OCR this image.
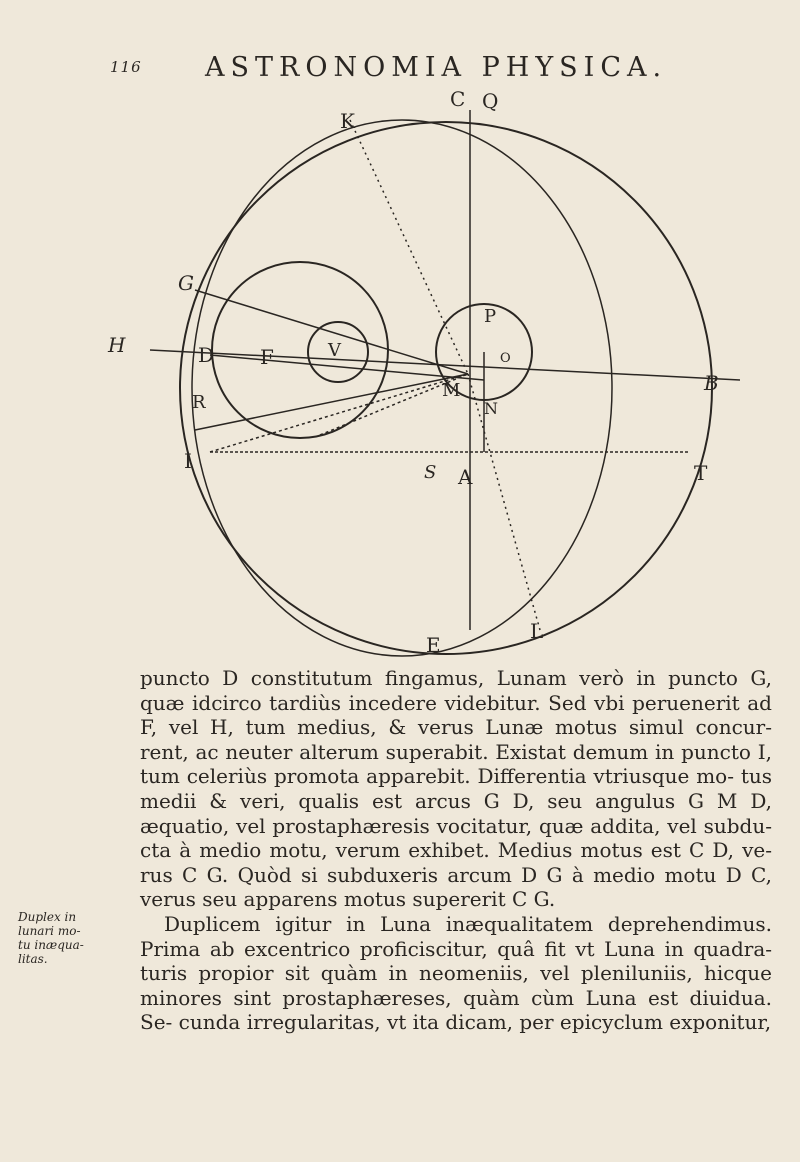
116 ASTRONOMIA PHYSICA.
C Q
K
G
H	D F	V
R
I
M
P
O
N
B
S A	T
E
L
Duplex in
lunari mo-
tu inæqua-
litas.

puncto D constitutum fingamus, Lunam verò in puncto G, quæ idcirco tardiùs incedere videbitur. Sed vbi peruenerit ad F, vel H, tum medius, & verus Lunæ motus simul concur- rent, ac neuter alterum superabit. Existat demum in puncto I, tum celeriùs promota apparebit. Differentia vtriusque mo- tus medii & veri, qualis est arcus G D, seu angulus G M D, æquatio, vel prostaphæresis vocitatur, quæ addita, vel subdu- cta à medio motu, verum exhibet. Medius motus est C D, ve- rus C G. Quòd si subduxeris arcum D G à medio motu D C, verus seu apparens motus supererit C G.

Duplicem igitur in Luna inæqualitatem deprehendimus. Prima ab excentrico proficiscitur, quâ fit vt Luna in quadra- turis propior sit quàm in neomeniis, vel pleniluniis, hicque minores sint prostaphæreses, quàm cùm Luna est diuidua. Se- cunda irregularitas, vt ita dicam, per epicyclum exponitur,
